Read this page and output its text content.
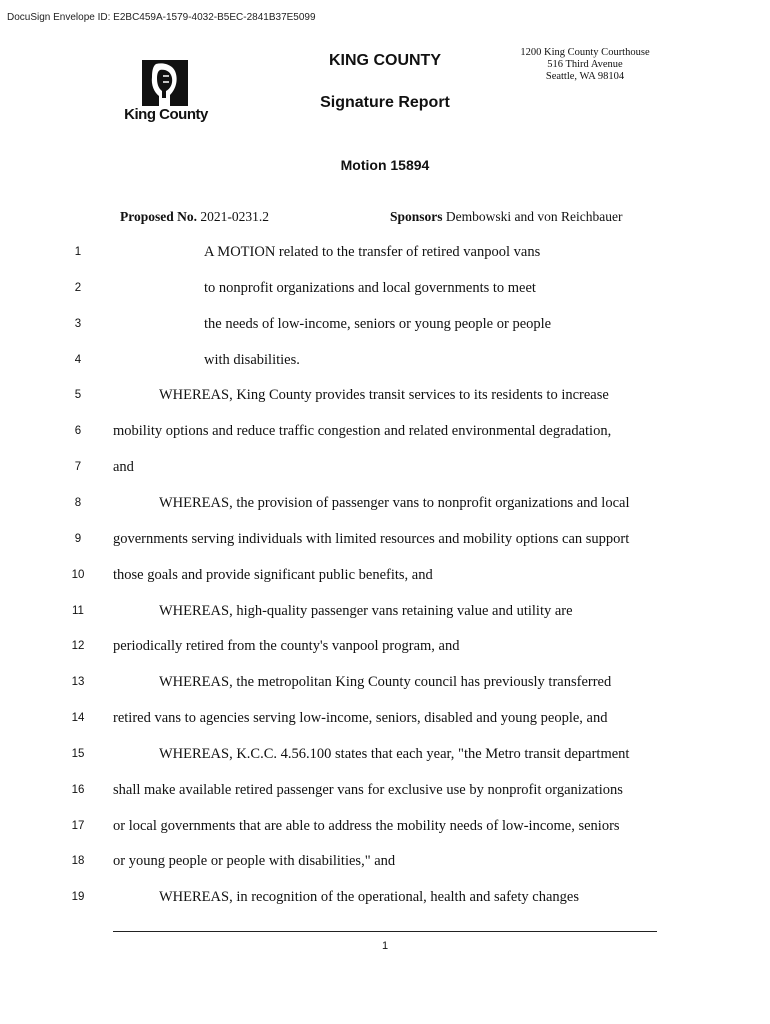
DocuSign Envelope ID: E2BC459A-1579-4032-B5EC-2841B37E5099
King County
KING COUNTY
Signature Report
1200 King County Courthouse
516 Third Avenue
Seattle, WA 98104
Motion 15894
Proposed No. 2021-0231.2	Sponsors Dembowski and von Reichbauer
1	A MOTION related to the transfer of retired vanpool vans
2	to nonprofit organizations and local governments to meet
3	the needs of low-income, seniors or young people or people
4	with disabilities.
5	WHEREAS, King County provides transit services to its residents to increase
6	mobility options and reduce traffic congestion and related environmental degradation,
7	and
8	WHEREAS, the provision of passenger vans to nonprofit organizations and local
9	governments serving individuals with limited resources and mobility options can support
10	those goals and provide significant public benefits, and
11	WHEREAS, high-quality passenger vans retaining value and utility are
12	periodically retired from the county's vanpool program, and
13	WHEREAS, the metropolitan King County council has previously transferred
14	retired vans to agencies serving low-income, seniors, disabled and young people, and
15	WHEREAS, K.C.C. 4.56.100 states that each year, "the Metro transit department
16	shall make available retired passenger vans for exclusive use by nonprofit organizations
17	or local governments that are able to address the mobility needs of low-income, seniors
18	or young people or people with disabilities," and
19	WHEREAS, in recognition of the operational, health and safety changes
1
